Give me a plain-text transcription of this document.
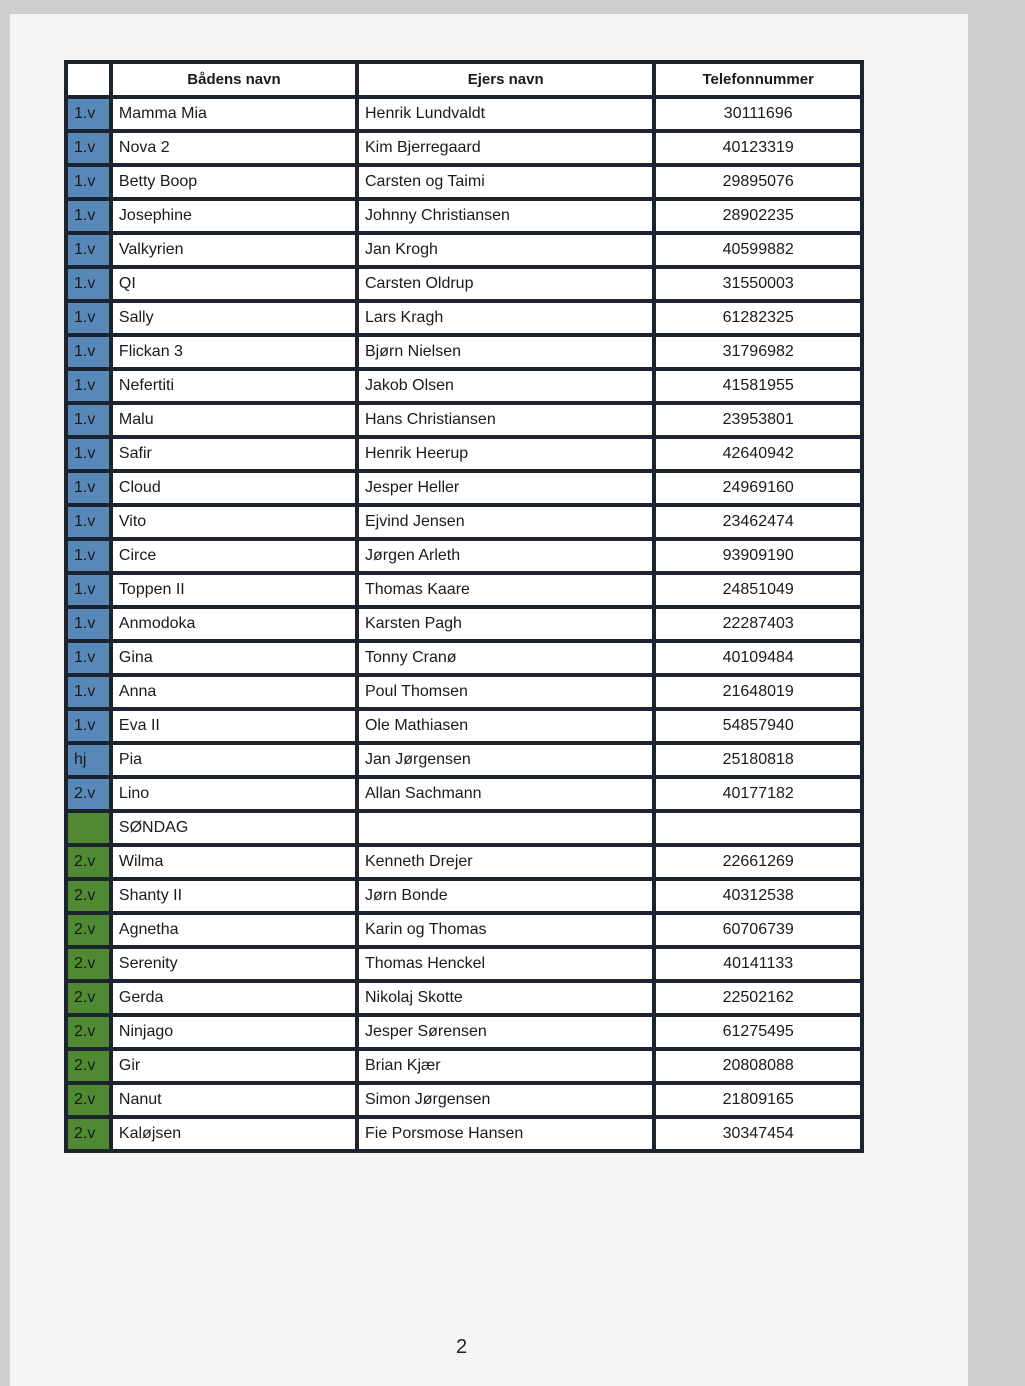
	Bådens navn	Ejers navn	Telefonnummer
1.v	Mamma Mia	Henrik Lundvaldt	30111696
1.v	Nova 2	Kim Bjerregaard	40123319
1.v	Betty Boop	Carsten og Taimi	29895076
1.v	Josephine	Johnny Christiansen	28902235
1.v	Valkyrien	Jan Krogh	40599882
1.v	QI	Carsten Oldrup	31550003
1.v	Sally	Lars Kragh	61282325
1.v	Flickan 3	Bjørn Nielsen	31796982
1.v	Nefertiti	Jakob Olsen	41581955
1.v	Malu	Hans Christiansen	23953801
1.v	Safir	Henrik Heerup	42640942
1.v	Cloud	Jesper Heller	24969160
1.v	Vito	Ejvind Jensen	23462474
1.v	Circe	Jørgen Arleth	93909190
1.v	Toppen II	Thomas Kaare	24851049
1.v	Anmodoka	Karsten Pagh	22287403
1.v	Gina	Tonny Cranø	40109484
1.v	Anna	Poul Thomsen	21648019
1.v	Eva II	Ole Mathiasen	54857940
hj	Pia	Jan Jørgensen	25180818
2.v	Lino	Allan Sachmann	40177182
	SØNDAG		
2.v	Wilma	Kenneth Drejer	22661269
2.v	Shanty II	Jørn Bonde	40312538
2.v	Agnetha	Karin og Thomas	60706739
2.v	Serenity	Thomas Henckel	40141133
2.v	Gerda	Nikolaj Skotte	22502162
2.v	Ninjago	Jesper Sørensen	61275495
2.v	Gir	Brian Kjær	20808088
2.v	Nanut	Simon Jørgensen	21809165
2.v	Kaløjsen	Fie Porsmose Hansen	30347454
2
